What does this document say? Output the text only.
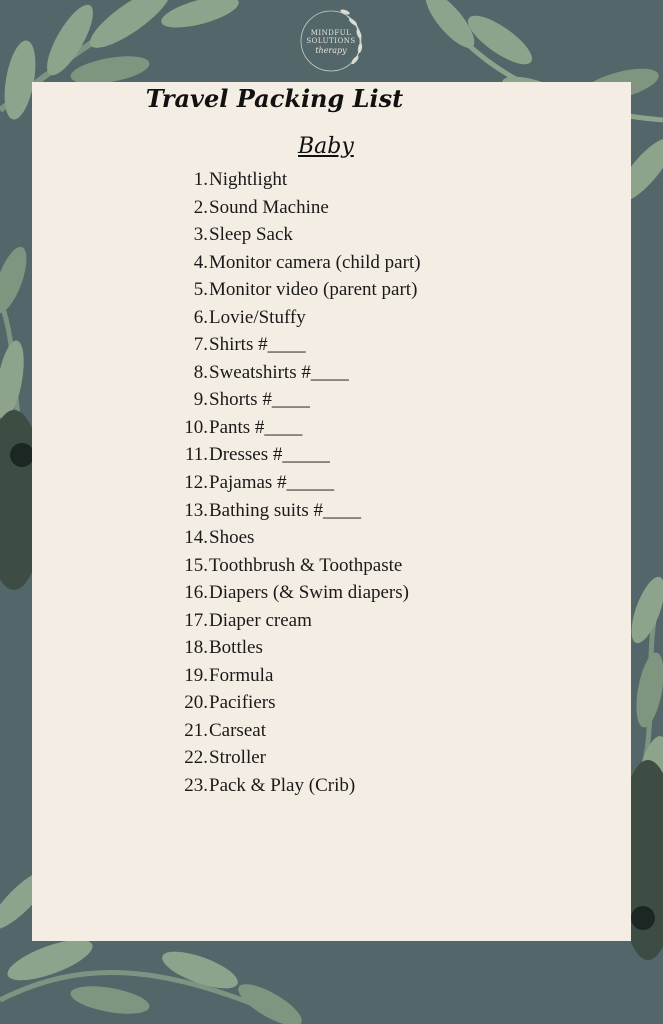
MINDFUL
SOLUTIONS
therapy
Travel Packing List
Baby
1. Nightlight
2. Sound Machine
3. Sleep Sack
4. Monitor camera (child part)
5. Monitor video (parent part)
6. Lovie/Stuffy
7. Shirts #____
8. Sweatshirts #____
9. Shorts #____
10. Pants #____
11. Dresses #_____
12. Pajamas #_____
13. Bathing suits #____
14. Shoes
15. Toothbrush & Toothpaste
16. Diapers (& Swim diapers)
17. Diaper cream
18. Bottles
19. Formula
20. Pacifiers
21. Carseat
22. Stroller
23. Pack & Play (Crib)
